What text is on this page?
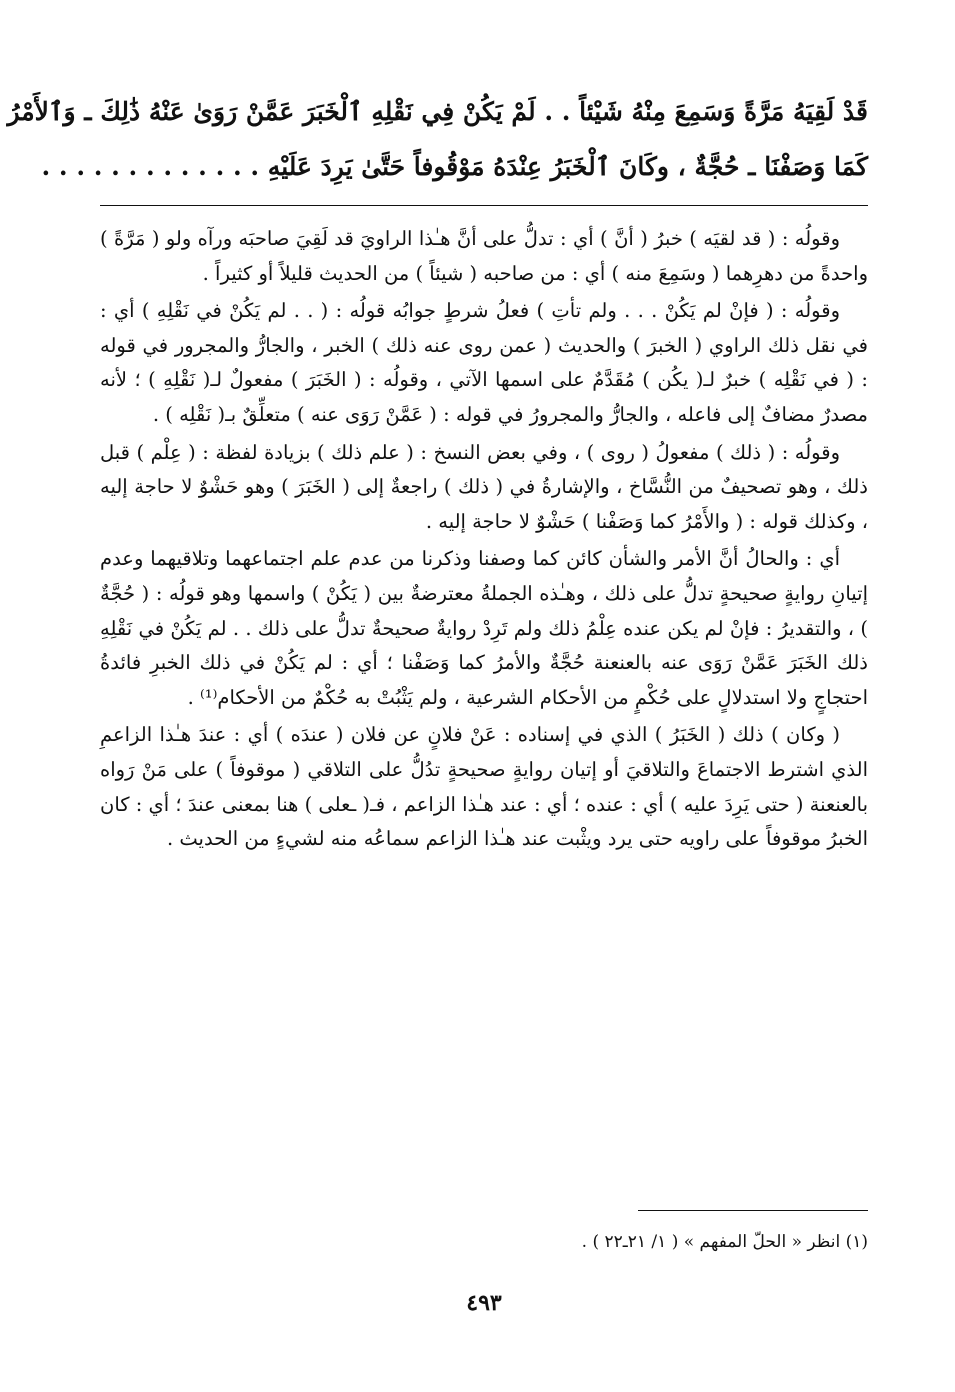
قَدْ لَقِيَهُ مَرَّةً وَسَمِعَ مِنْهُ شَيْئاً . . لَمْ يَكُنْ فِي نَقْلِهِ ٱلْخَبَرَ عَمَّنْ رَوَىٰ عَنْهُ ذَٰلِكَ ـ وَٱلأَمْرُ
كَمَا وَصَفْنَا ـ حُجَّةٌ ، وكَانَ ٱلْخَبَرُ عِنْدَهُ مَوْقُوفاً حَتَّىٰ يَرِدَ عَلَيْهِ . . . . . . . . . . . . .

وقولُه : ( قد لقيَه ) خبرُ ( أنَّ ) أي : تدلُّ على أنَّ هـٰذا الراويَ قد لَقِيَ صاحبَه ورآه ولو ( مَرَّةً ) واحدةً من دهرِهما ( وسَمِعَ منه ) أي : من صاحبه ( شيئاً ) من الحديث قليلاً أو كثيراً .

وقولُه : ( فإنْ لم يَكُنْ . . . ولم تأتِ ) فعلُ شرطٍ جوابُه قولُه : ( . . لم يَكُنْ في نَقْلِهِ ) أي : في نقل ذلك الراوي ( الخبرَ ) والحديث ( عمن روى عنه ذلك ) الخبر ، والجارُّ والمجرور في قوله : ( في نَقْلِه ) خبرٌ لـ( يكُن ) مُقَدَّمٌ على اسمها الآتي ، وقولُه : ( الخَبَرَ ) مفعولٌ لـ( نَقْلِهِ ) ؛ لأنه مصدرٌ مضافٌ إلى فاعله ، والجارُّ والمجرورُ في قوله : ( عَمَّنْ رَوَى عنه ) متعلِّقٌ بـ( نَقْلِه ) .

وقولُه : ( ذلك ) مفعولُ ( روى ) ، وفي بعض النسخ : ( علم ذلك ) بزيادة لفظة : ( عِلْم ) قبل ذلك ، وهو تصحيفٌ من النُّسَّاخ ، والإشارةُ في ( ذلك ) راجعةٌ إلى ( الخَبَرَ ) وهو حَشْوٌ لا حاجة إليه ، وكذلك قوله : ( والأَمْرُ كما وَصَفْنا ) حَشْوٌ لا حاجة إليه .

أي : والحالُ أنَّ الأمر والشأن كائن كما وصفنا وذكرنا من عدم علم اجتماعهما وتلاقيهما وعدم إتيانِ روايةٍ صحيحةٍ تدلُّ على ذلك ، وهـٰذه الجملةُ معترضةٌ بين ( يَكُنْ ) واسمها وهو قولُه : ( حُجَّةٌ ) ، والتقديرُ : فإنْ لم يكن عنده عِلْمُ ذلك ولم تَرِدْ روايةٌ صحيحةٌ تدلُّ على ذلك . . لم يَكُنْ في نَقْلِهِ ذلك الخَبَرَ عَمَّنْ رَوَى عنه بالعنعنة حُجَّةٌ والأمرُ كما وَصَفْنا ؛ أي : لم يَكُنْ في ذلك الخبرِ فائدةُ احتجاجٍ ولا استدلالٍ على حُكْمٍ من الأحكام الشرعية ، ولم يَثْبُتْ به حُكْمٌ من الأحكام⁽¹⁾ .

( وكان ) ذلك ( الخَبَرُ ) الذي في إسناده : عَنْ فلانٍ عن فلان ( عندَه ) أي : عندَ هـٰذا الزاعمِ الذي اشترط الاجتماعَ والتلاقيَ أو إتيان روايةٍ صحيحةٍ تدُلُّ على التلاقي ( موقوفاً ) على مَنْ رَواه بالعنعنة ( حتى يَرِدَ عليه ) أي : عنده ؛ أي : عند هـٰذا الزاعم ، فـ( ـعلى ) هنا بمعنى عندَ ؛ أي : كان الخبرُ موقوفاً على راويه حتى يرد ويثْبت عند هـٰذا الزاعم سماعُه منه لشيءٍ من الحديث .

(١) انظر « الحلّ المفهم » ( ١/ ٢١ـ٢٢ ) .

٤٩٣
